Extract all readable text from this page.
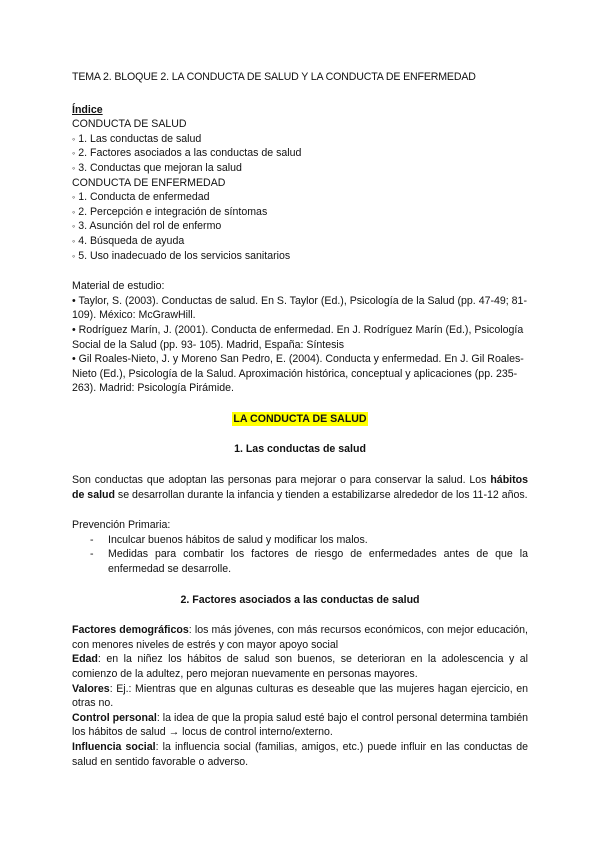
TEMA 2. BLOQUE 2. LA CONDUCTA DE SALUD Y LA CONDUCTA DE ENFERMEDAD

Índice

CONDUCTA DE SALUD

◦ 1. Las conductas de salud

◦ 2. Factores asociados a las conductas de salud

◦ 3. Conductas que mejoran la salud

CONDUCTA DE ENFERMEDAD

◦ 1. Conducta de enfermedad

◦ 2. Percepción e integración de síntomas

◦ 3. Asunción del rol de enfermo

◦ 4. Búsqueda de ayuda

◦ 5. Uso inadecuado de los servicios sanitarios

Material de estudio:

• Taylor, S. (2003). Conductas de salud. En S. Taylor (Ed.), Psicología de la Salud (pp. 47-49; 81-109). México: McGrawHill.

• Rodríguez Marín, J. (2001). Conducta de enfermedad. En J. Rodríguez Marín (Ed.), Psicología Social de la Salud (pp. 93- 105). Madrid, España: Síntesis

• Gil Roales-Nieto, J. y Moreno San Pedro, E. (2004). Conducta y enfermedad. En J. Gil Roales-Nieto (Ed.), Psicología de la Salud. Aproximación histórica, conceptual y aplicaciones (pp. 235- 263). Madrid: Psicología Pirámide.

LA CONDUCTA DE SALUD

1. Las conductas de salud

Son conductas que adoptan las personas para mejorar o para conservar la salud. Los hábitos de salud se desarrollan durante la infancia y tienden a estabilizarse alrededor de los 11-12 años.

Prevención Primaria:

- Inculcar buenos hábitos de salud y modificar los malos.
- Medidas para combatir los factores de riesgo de enfermedades antes de que la enfermedad se desarrolle.

2. Factores asociados a las conductas de salud

Factores demográficos: los más jóvenes, con más recursos económicos, con mejor educación, con menores niveles de estrés y con mayor apoyo social

Edad: en la niñez los hábitos de salud son buenos, se deterioran en la adolescencia y al comienzo de la adultez, pero mejoran nuevamente en personas mayores.

Valores: Ej.: Mientras que en algunas culturas es deseable que las mujeres hagan ejercicio, en otras no.

Control personal: la idea de que la propia salud esté bajo el control personal determina también los hábitos de salud → locus de control interno/externo.

Influencia social: la influencia social (familias, amigos, etc.) puede influir en las conductas de salud en sentido favorable o adverso.
